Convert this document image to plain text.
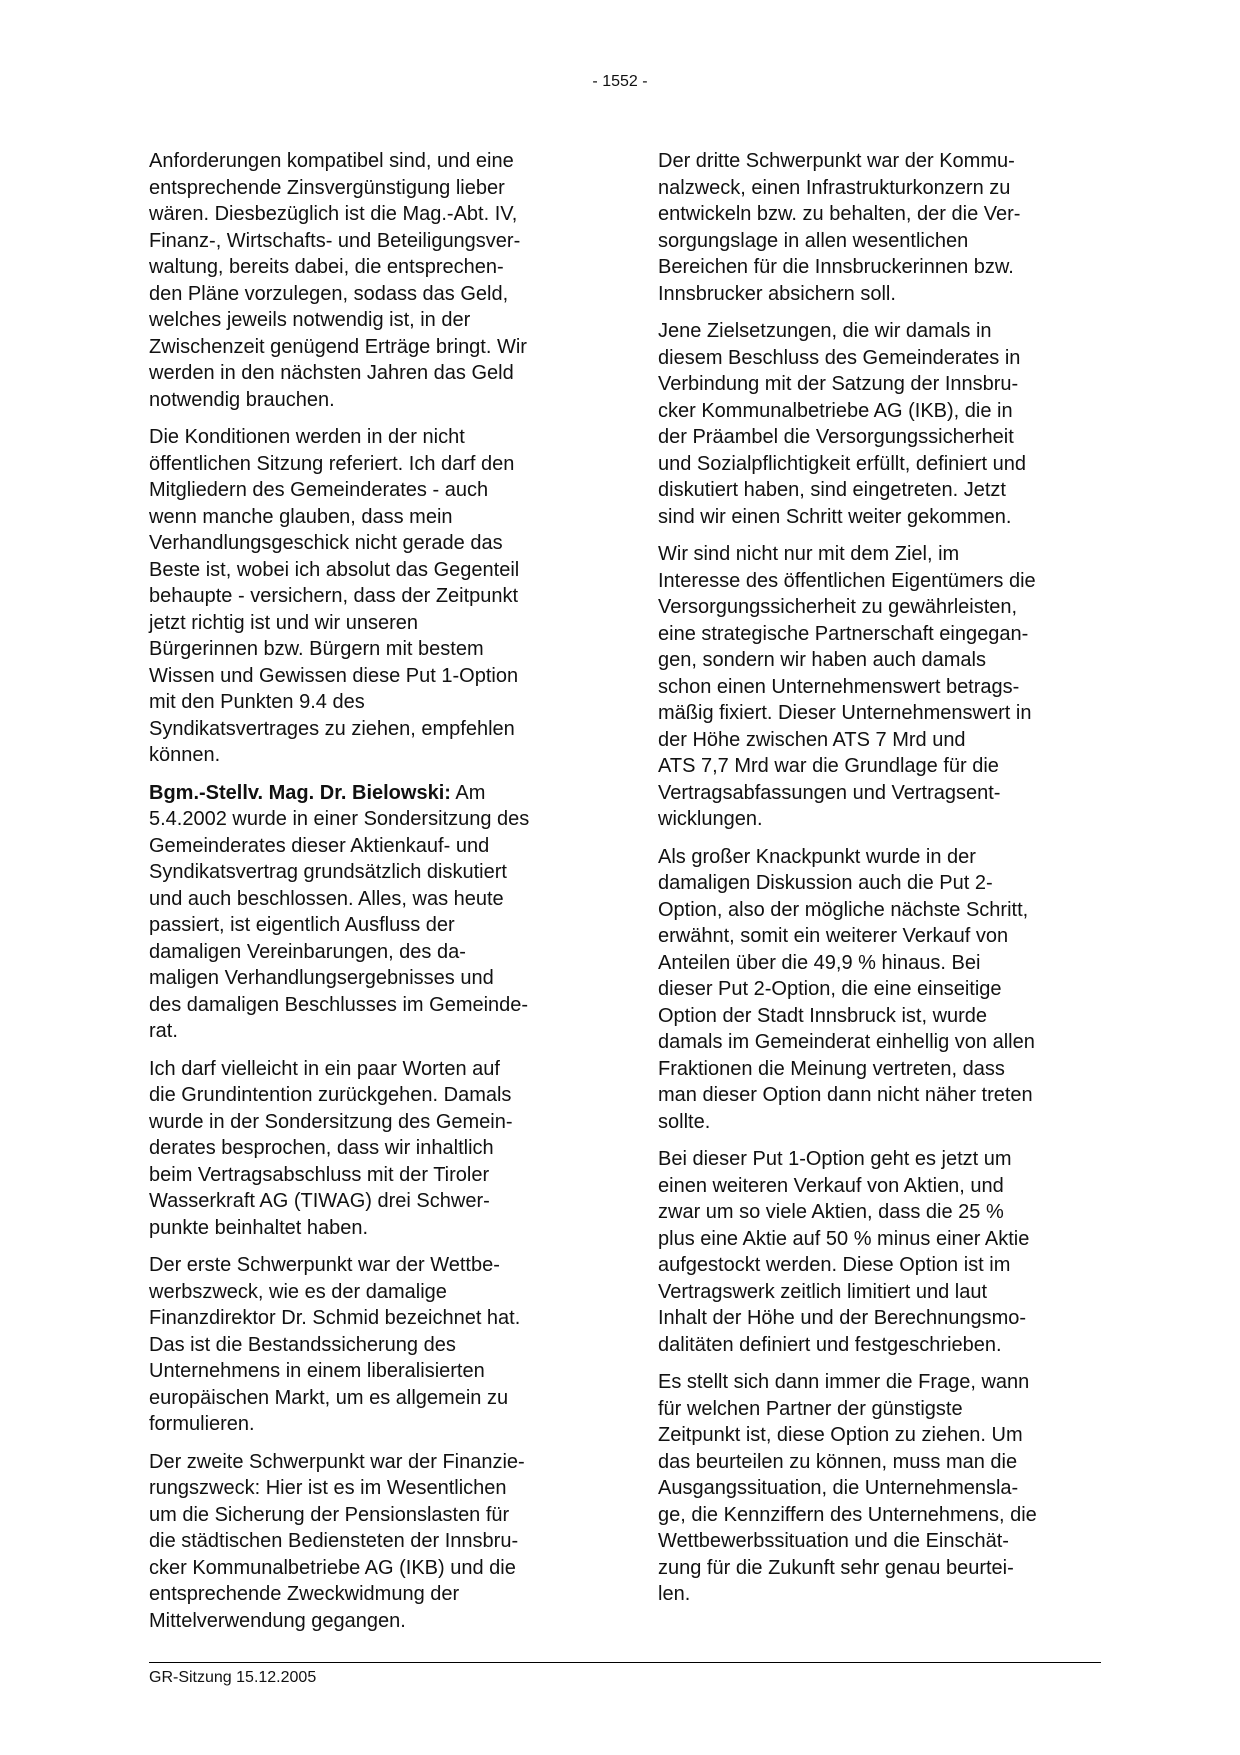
- 1552 -

Anforderungen kompatibel sind, und eine
entsprechende Zinsvergünstigung lieber
wären. Diesbezüglich ist die Mag.-Abt. IV,
Finanz-, Wirtschafts- und Beteiligungsver-
waltung, bereits dabei, die entsprechen-
den Pläne vorzulegen, sodass das Geld,
welches jeweils notwendig ist, in der
Zwischenzeit genügend Erträge bringt. Wir
werden in den nächsten Jahren das Geld
notwendig brauchen.

Die Konditionen werden in der nicht
öffentlichen Sitzung referiert. Ich darf den
Mitgliedern des Gemeinderates - auch
wenn manche glauben, dass mein
Verhandlungsgeschick nicht gerade das
Beste ist, wobei ich absolut das Gegenteil
behaupte - versichern, dass der Zeitpunkt
jetzt richtig ist und wir unseren
Bürgerinnen bzw. Bürgern mit bestem
Wissen und Gewissen diese Put 1-Option
mit den Punkten 9.4 des
Syndikatsvertrages zu ziehen, empfehlen
können.

Bgm.-Stellv. Mag. Dr. Bielowski: Am
5.4.2002 wurde in einer Sondersitzung des
Gemeinderates dieser Aktienkauf- und
Syndikatsvertrag grundsätzlich diskutiert
und auch beschlossen. Alles, was heute
passiert, ist eigentlich Ausfluss der
damaligen Vereinbarungen, des da-
maligen Verhandlungsergebnisses und
des damaligen Beschlusses im Gemeinde-
rat.

Ich darf vielleicht in ein paar Worten auf
die Grundintention zurückgehen. Damals
wurde in der Sondersitzung des Gemein-
derates besprochen, dass wir inhaltlich
beim Vertragsabschluss mit der Tiroler
Wasserkraft AG (TIWAG) drei Schwer-
punkte beinhaltet haben.

Der erste Schwerpunkt war der Wettbe-
werbszweck, wie es der damalige
Finanzdirektor Dr. Schmid bezeichnet hat.
Das ist die Bestandssicherung des
Unternehmens in einem liberalisierten
europäischen Markt, um es allgemein zu
formulieren.

Der zweite Schwerpunkt war der Finanzie-
rungszweck: Hier ist es im Wesentlichen
um die Sicherung der Pensionslasten für
die städtischen Bediensteten der Innsbru-
cker Kommunalbetriebe AG (IKB) und die
entsprechende Zweckwidmung der
Mittelverwendung gegangen.

Der dritte Schwerpunkt war der Kommu-
nalzweck, einen Infrastrukturkonzern zu
entwickeln bzw. zu behalten, der die Ver-
sorgungslage in allen wesentlichen
Bereichen für die Innsbruckerinnen bzw.
Innsbrucker absichern soll.

Jene Zielsetzungen, die wir damals in
diesem Beschluss des Gemeinderates in
Verbindung mit der Satzung der Innsbru-
cker Kommunalbetriebe AG (IKB), die in
der Präambel die Versorgungssicherheit
und Sozialpflichtigkeit erfüllt, definiert und
diskutiert haben, sind eingetreten. Jetzt
sind wir einen Schritt weiter gekommen.

Wir sind nicht nur mit dem Ziel, im
Interesse des öffentlichen Eigentümers die
Versorgungssicherheit zu gewährleisten,
eine strategische Partnerschaft eingegan-
gen, sondern wir haben auch damals
schon einen Unternehmenswert betrags-
mäßig fixiert. Dieser Unternehmenswert in
der Höhe zwischen ATS 7 Mrd und
ATS 7,7 Mrd war die Grundlage für die
Vertragsabfassungen und Vertragsent-
wicklungen.

Als großer Knackpunkt wurde in der
damaligen Diskussion auch die Put 2-
Option, also der mögliche nächste Schritt,
erwähnt, somit ein weiterer Verkauf von
Anteilen über die 49,9 % hinaus. Bei
dieser Put 2-Option, die eine einseitige
Option der Stadt Innsbruck ist, wurde
damals im Gemeinderat einhellig von allen
Fraktionen die Meinung vertreten, dass
man dieser Option dann nicht näher treten
sollte.

Bei dieser Put 1-Option geht es jetzt um
einen weiteren Verkauf von Aktien, und
zwar um so viele Aktien, dass die 25 %
plus eine Aktie auf 50 % minus einer Aktie
aufgestockt werden. Diese Option ist im
Vertragswerk zeitlich limitiert und laut
Inhalt der Höhe und der Berechnungsmo-
dalitäten definiert und festgeschrieben.

Es stellt sich dann immer die Frage, wann
für welchen Partner der günstigste
Zeitpunkt ist, diese Option zu ziehen. Um
das beurteilen zu können, muss man die
Ausgangssituation, die Unternehmensla-
ge, die Kennziffern des Unternehmens, die
Wettbewerbssituation und die Einschät-
zung für die Zukunft sehr genau beurtei-
len.

GR-Sitzung 15.12.2005
